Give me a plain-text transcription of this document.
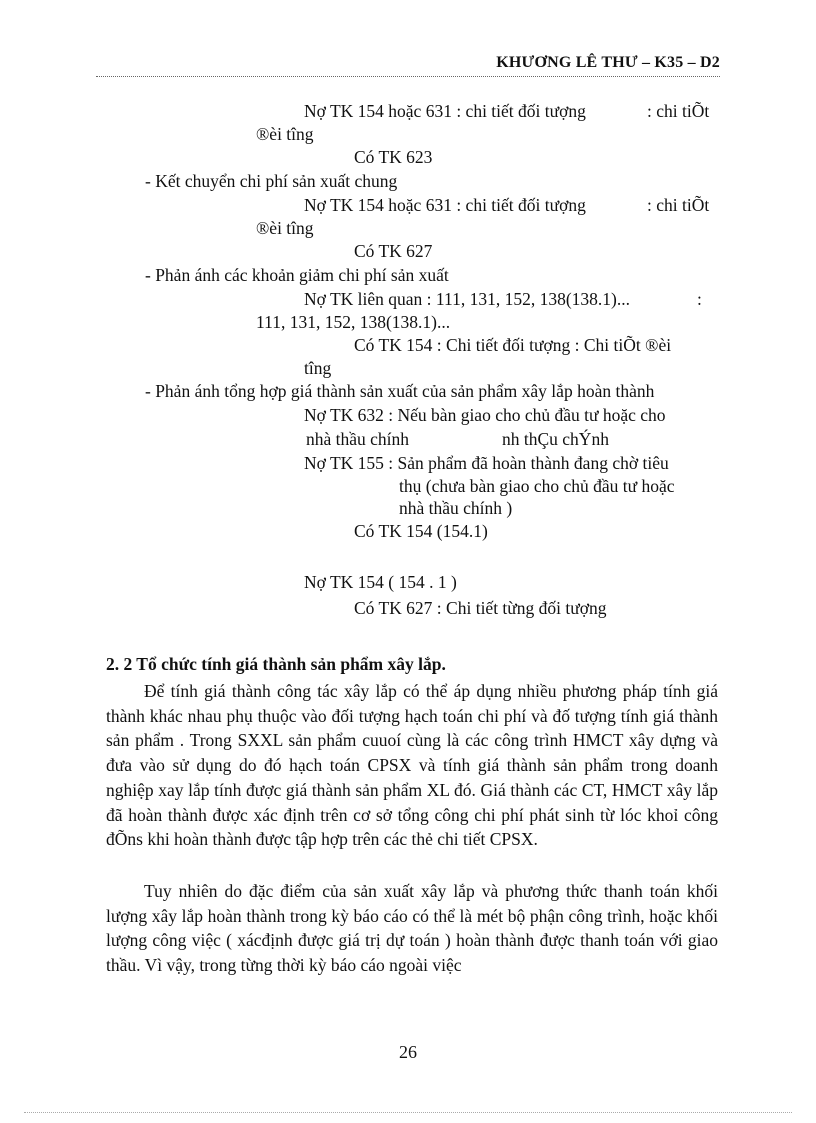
KHƯƠNG LÊ THƯ – K35 – D2
Nợ TK 154 hoặc 631 : chi tiết đối tượng	: chi tiÕt
®èi tîng
Có TK 623
- Kết chuyển chi phí sản xuất chung
Nợ TK 154 hoặc 631 : chi tiết đối tượng	: chi tiÕt
®èi tîng
Có TK 627
- Phản ánh các khoản giảm chi phí sản xuất
Nợ TK liên quan : 111, 131, 152, 138(138.1)...	:
111, 131, 152, 138(138.1)...
Có TK 154 : Chi tiết đối tượng : Chi tiÕt ®èi
tîng
- Phản ánh tổng hợp giá thành sản xuất của sản phẩm xây lắp hoàn thành
Nợ TK 632 : Nếu bàn giao cho chủ đầu tư hoặc cho
nhà thầu chính	nh thÇu chÝnh
Nợ TK 155 : Sản phẩm đã hoàn thành đang chờ tiêu
thụ (chưa bàn giao cho chủ đầu tư hoặc
nhà thầu chính )
Có TK 154 (154.1)
Nợ TK 154 ( 154 . 1 )
Có TK 627 : Chi tiết từng đối tượng
2. 2 Tổ chức tính giá thành sản phẩm xây lắp.

Để tính giá thành công tác xây lắp có thể áp dụng nhiều phương pháp tính giá thành khác nhau phụ thuộc vào đối tượng hạch toán chi phí và đố tượng tính giá thành sản phẩm . Trong SXXL sản phẩm cuuoí cùng là các công trình HMCT xây dựng và đưa vào sử dụng do đó hạch toán CPSX và tính giá thành sản phẩm trong doanh nghiệp xay lắp tính được giá thành sản phẩm XL đó. Giá thành các CT, HMCT xây lắp đã hoàn thành được xác định trên cơ sở tổng công chi phí phát sinh từ lóc khoỉ công đÕns khi hoàn thành được tập hợp trên các thẻ chi tiết CPSX.

Tuy nhiên do đặc điểm của sản xuất xây lắp và phương thức thanh toán khối lượng xây lắp hoàn thành trong kỳ báo cáo có thể là mét bộ phận công trình, hoặc khối lượng công việc ( xácđịnh được giá trị dự toán ) hoàn thành được thanh toán với giao thầu. Vì vậy, trong từng thời kỳ báo cáo ngoài việc

26
